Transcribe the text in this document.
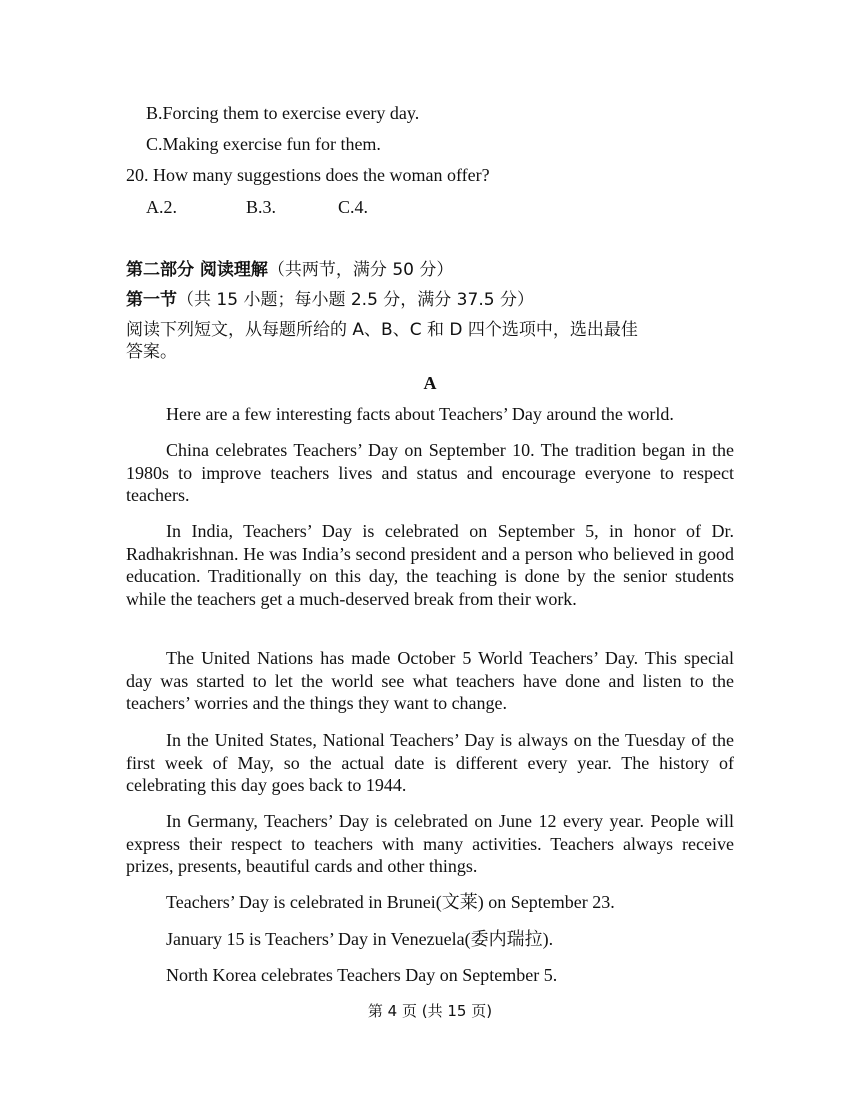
B.Forcing them to exercise every day.
C.Making exercise fun for them.
20. How many suggestions does the woman offer?
A.2.	B.3.	C.4.
第二部分 阅读理解（共两节，满分 50 分）
第一节（共 15 小题；每小题 2.5 分，满分 37.5 分）
阅读下列短文，从每题所给的 A、B、C 和 D 四个选项中，选出最佳
答案。
A
Here are a few interesting facts about Teachers’ Day around the world.
China celebrates Teachers’ Day on September 10. The tradition began in the 1980s to improve teachers lives and status and encourage everyone to respect teachers.
In India, Teachers’ Day is celebrated on September 5, in honor of Dr. Radhakrishnan. He was India’s second president and a person who believed in good education. Traditionally on this day, the teaching is done by the senior students while the teachers get a much-deserved break from their work.
The United Nations has made October 5 World Teachers’ Day. This special day was started to let the world see what teachers have done and listen to the teachers’ worries and the things they want to change.
In the United States, National Teachers’ Day is always on the Tuesday of the first week of May, so the actual date is different every year. The history of celebrating this day goes back to 1944.
In Germany, Teachers’ Day is celebrated on June 12 every year. People will express their respect to teachers with many activities. Teachers always receive prizes, presents, beautiful cards and other things.
Teachers’ Day is celebrated in Brunei(文莱) on September 23.
January 15 is Teachers’ Day in Venezuela(委内瑞拉).
North Korea celebrates Teachers Day on September 5.
第 4 页 (共 15 页)
